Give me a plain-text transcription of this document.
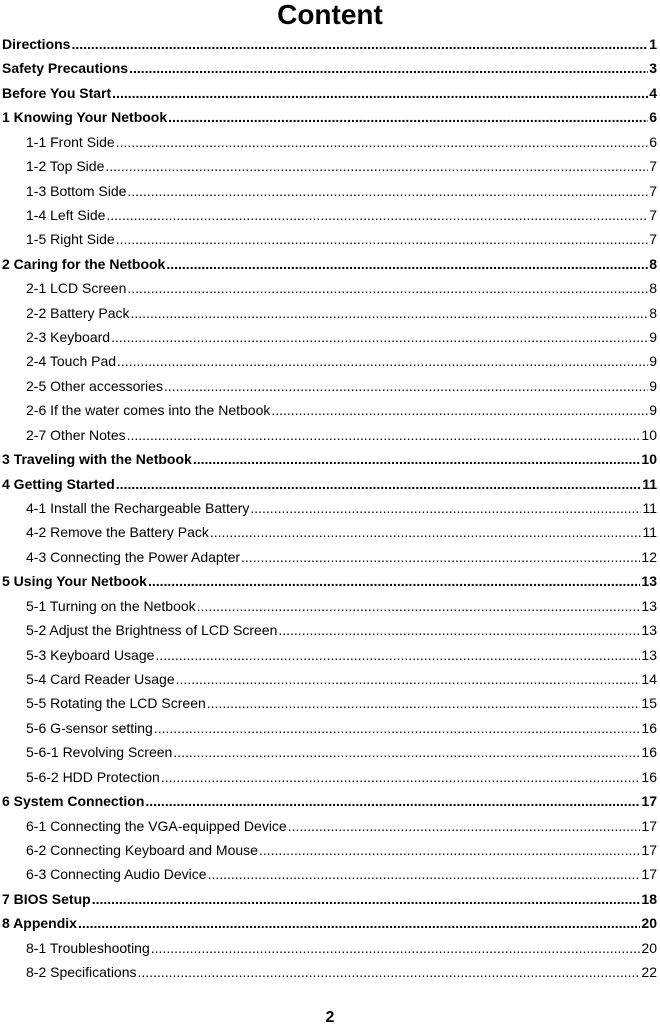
Content
Directions .....	1
Safety Precautions .....	3
Before You Start .....	4
1 Knowing Your Netbook .....	6
1-1 Front Side .....	6
1-2 Top Side .....	7
1-3 Bottom Side .....	7
1-4 Left Side .....	7
1-5 Right Side .....	7
2 Caring for the Netbook .....	8
2-1 LCD Screen .....	8
2-2 Battery Pack .....	8
2-3 Keyboard .....	9
2-4 Touch Pad .....	9
2-5 Other accessories .....	9
2-6 If the water comes into the Netbook .....	9
2-7 Other Notes .....	10
3 Traveling with the Netbook .....	10
4 Getting Started .....	11
4-1 Install the Rechargeable Battery .....	11
4-2 Remove the Battery Pack .....	11
4-3 Connecting the Power Adapter .....	12
5 Using Your Netbook .....	13
5-1 Turning on the Netbook .....	13
5-2 Adjust the Brightness of LCD Screen .....	13
5-3 Keyboard Usage .....	13
5-4 Card Reader Usage .....	14
5-5 Rotating the LCD Screen .....	15
5-6 G-sensor setting .....	16
5-6-1 Revolving Screen .....	16
5-6-2 HDD Protection .....	16
6 System Connection .....	17
6-1 Connecting the VGA-equipped Device .....	17
6-2 Connecting Keyboard and Mouse .....	17
6-3 Connecting Audio Device .....	17
7 BIOS Setup .....	18
8 Appendix .....	20
8-1 Troubleshooting .....	20
8-2 Specifications .....	22
2
